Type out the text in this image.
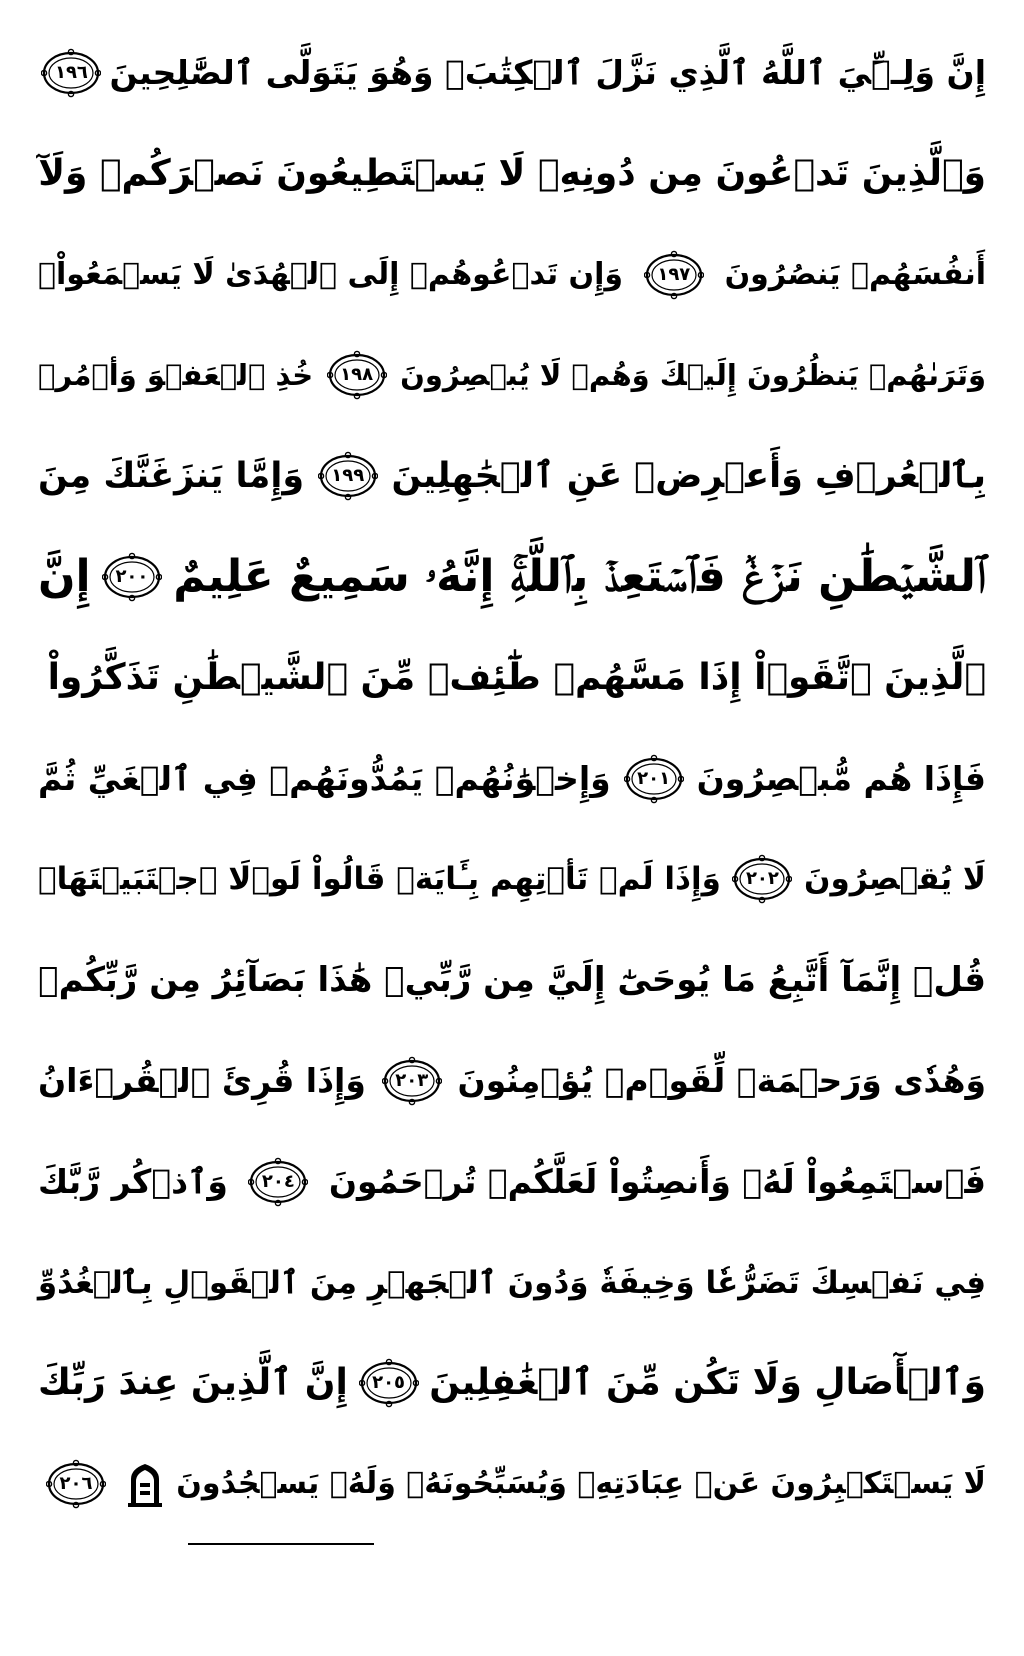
إِنَّ وَلِـِّۧيَ ٱللَّهُ ٱلَّذِي نَزَّلَ ٱلۡكِتَٰبَۖ وَهُوَ يَتَوَلَّى ٱلصَّٰلِحِينَ
١٩٦
وَٱلَّذِينَ تَدۡعُونَ مِن دُونِهِۦ لَا يَسۡتَطِيعُونَ نَصۡرَكُمۡ وَلَآ
أَنفُسَهُمۡ يَنصُرُونَ
١٩٧
وَإِن تَدۡعُوهُمۡ إِلَى ٱلۡهُدَىٰ لَا يَسۡمَعُواْۖ
وَتَرَىٰهُمۡ يَنظُرُونَ إِلَيۡكَ وَهُمۡ لَا يُبۡصِرُونَ
١٩٨
خُذِ ٱلۡعَفۡوَ وَأۡمُرۡ
بِٱلۡعُرۡفِ وَأَعۡرِضۡ عَنِ ٱلۡجَٰهِلِينَ
١٩٩
وَإِمَّا يَنزَغَنَّكَ مِنَ
ٱلشَّيۡطَٰنِ نَزۡغٞ فَٱسۡتَعِذۡ بِٱللَّهِۚ إِنَّهُۥ سَمِيعٌ عَلِيمٌ
٢٠٠
إِنَّ
ٱلَّذِينَ ٱتَّقَوۡاْ إِذَا مَسَّهُمۡ طَٰٓئِفٞ مِّنَ ٱلشَّيۡطَٰنِ تَذَكَّرُواْ
فَإِذَا هُم مُّبۡصِرُونَ
٢٠١
وَإِخۡوَٰنُهُمۡ يَمُدُّونَهُمۡ فِي ٱلۡغَيِّ ثُمَّ
لَا يُقۡصِرُونَ
٢٠٢
وَإِذَا لَمۡ تَأۡتِهِم بِـَٔايَةٖ قَالُواْ لَوۡلَا ٱجۡتَبَيۡتَهَاۚ
قُلۡ إِنَّمَآ أَتَّبِعُ مَا يُوحَىٰٓ إِلَيَّ مِن رَّبِّيۚ هَٰذَا بَصَآئِرُ مِن رَّبِّكُمۡ
وَهُدٗى وَرَحۡمَةٞ لِّقَوۡمٖ يُؤۡمِنُونَ
٢٠٣
وَإِذَا قُرِئَ ٱلۡقُرۡءَانُ
فَٱسۡتَمِعُواْ لَهُۥ وَأَنصِتُواْ لَعَلَّكُمۡ تُرۡحَمُونَ
٢٠٤
وَٱذۡكُر رَّبَّكَ
فِي نَفۡسِكَ تَضَرُّعٗا وَخِيفَةٗ وَدُونَ ٱلۡجَهۡرِ مِنَ ٱلۡقَوۡلِ بِٱلۡغُدُوِّ
وَٱلۡأٓصَالِ وَلَا تَكُن مِّنَ ٱلۡغَٰفِلِينَ
٢٠٥
إِنَّ ٱلَّذِينَ عِندَ رَبِّكَ
لَا يَسۡتَكۡبِرُونَ عَنۡ عِبَادَتِهِۦ وَيُسَبِّحُونَهُۥ وَلَهُۥ يَسۡجُدُونَ
٢٠٦
